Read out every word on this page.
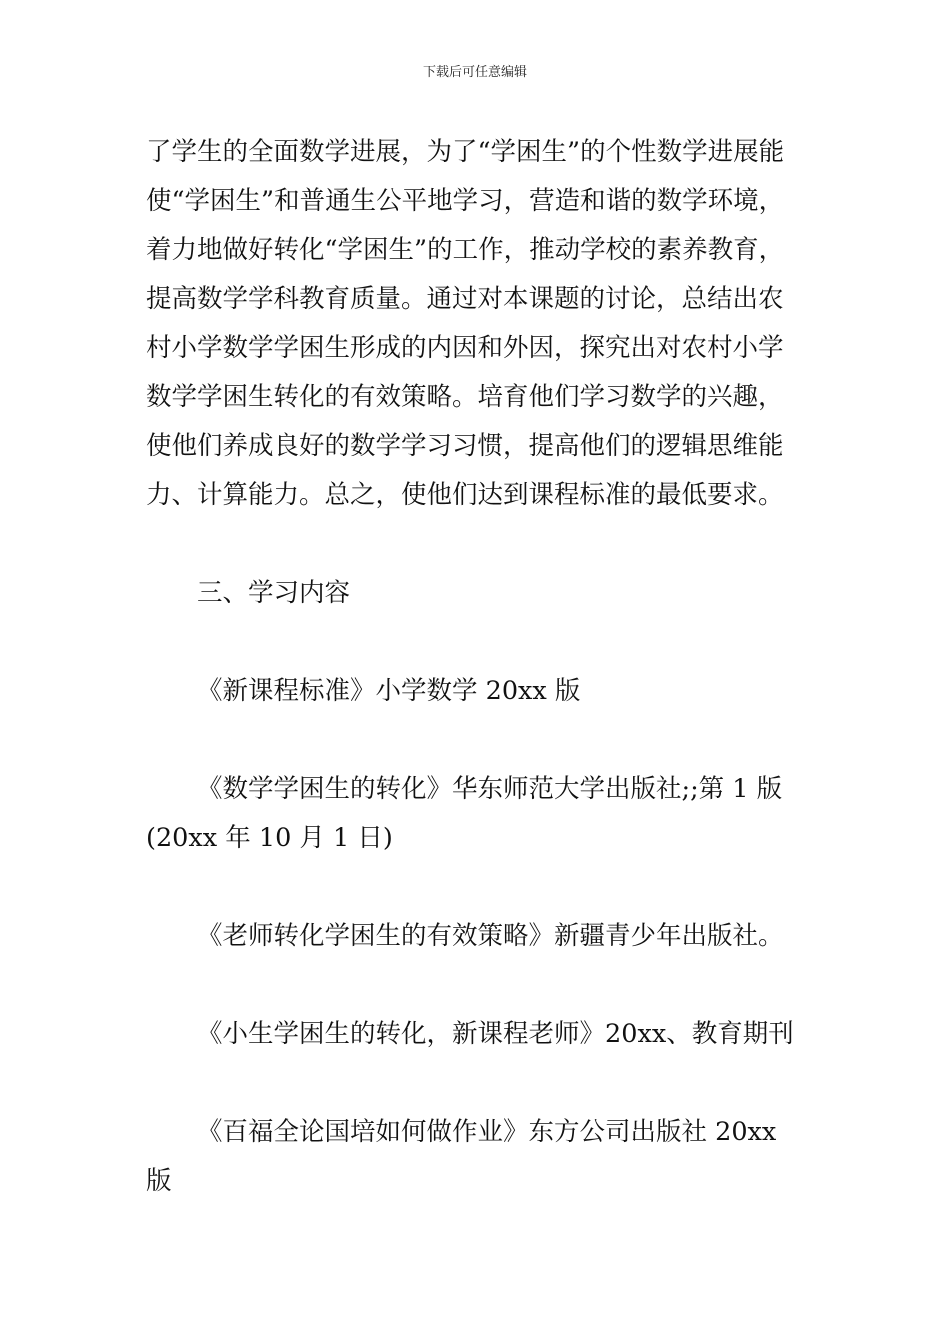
下载后可任意编辑

了学生的全面数学进展，为了“学困生”的个性数学进展能使“学困生”和普通生公平地学习，营造和谐的数学环境，着力地做好转化“学困生”的工作，推动学校的素养教育，提高数学学科教育质量。通过对本课题的讨论，总结出农村小学数学学困生形成的内因和外因，探究出对农村小学数学学困生转化的有效策略。培育他们学习数学的兴趣，使他们养成良好的数学学习习惯，提高他们的逻辑思维能力、计算能力。总之，使他们达到课程标准的最低要求。

三、学习内容

《新课程标准》小学数学 20xx 版

《数学学困生的转化》华东师范大学出版社;;第 1 版(20xx 年 10 月 1 日)

《老师转化学困生的有效策略》新疆青少年出版社。

《小生学困生的转化，新课程老师》20xx、教育期刊

《百福全论国培如何做作业》东方公司出版社 20xx 版
